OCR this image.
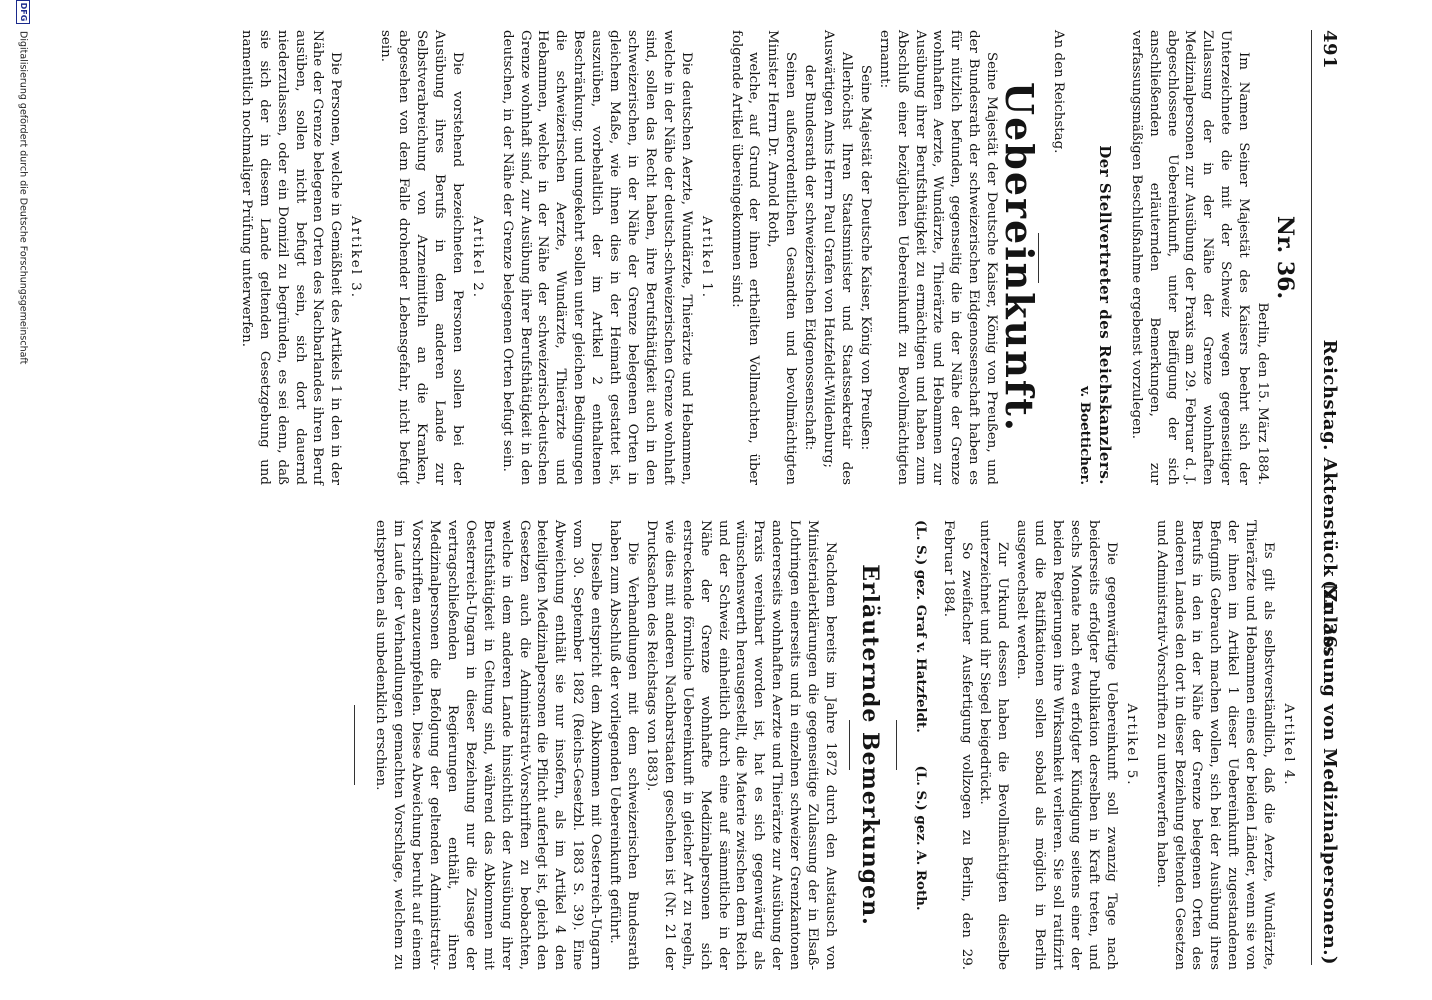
491
Reichstag. Aktenstück Nr. 36.
(Zulassung von Medizinalpersonen.)
Nr. 36.

Berlin, den 15. März 1884.

Im Namen Seiner Majestät des Kaisers beehrt sich der Unterzeichnete die mit der Schweiz wegen gegenseitiger Zulassung der in der Nähe der Grenze wohnhaften Medizinalpersonen zur Ausübung der Praxis am 29. Februar d. J. abgeschlossene Uebereinkunft, unter Beifügung der sich anschließenden erläuternden Bemerkungen, zur verfassungsmäßigen Beschlußnahme ergebenst vorzulegen.

Der Stellvertreter des Reichskanzlers.
v. Boetticher.

An den Reichstag.

Uebereinkunft.

Seine Majestät der Deutsche Kaiser, König von Preußen, und der Bundesrath der schweizerischen Eidgenossenschaft haben es für nützlich befunden, gegenseitig die in der Nähe der Grenze wohnhaften Aerzte, Wundärzte, Thierärzte und Hebammen zur Ausübung ihrer Berufsthätigkeit zu ermächtigen und haben zum Abschluß einer bezüglichen Uebereinkunft zu Bevollmächtigten ernannt:

Seine Majestät der Deutsche Kaiser, König von Preußen:

Allerhöchst Ihren Staatsminister und Staatssekretair des Auswärtigen Amts Herrn Paul Grafen von Hatzfeldt-Wildenburg;

der Bundesrath der schweizerischen Eidgenossenschaft:

Seinen außerordentlichen Gesandten und bevollmächtigten Minister Herrn Dr. Arnold Roth,

welche, auf Grund der ihnen ertheilten Vollmachten, über folgende Artikel übereingekommen sind:

Artikel 1.

Die deutschen Aerzte, Wundärzte, Thierärzte und Hebammen, welche in der Nähe der deutsch-schweizerischen Grenze wohnhaft sind, sollen das Recht haben, ihre Berufsthätigkeit auch in den schweizerischen, in der Nähe der Grenze belegenen Orten in gleichem Maße, wie ihnen dies in der Heimath gestattet ist, auszuüben, vorbehaltlich der im Artikel 2 enthaltenen Beschränkung; und umgekehrt sollen unter gleichen Bedingungen die schweizerischen Aerzte, Wundärzte, Thierärzte und Hebammen, welche in der Nähe der schweizerisch-deutschen Grenze wohnhaft sind, zur Ausübung ihrer Berufsthätigkeit in den deutschen, in der Nähe der Grenze belegenen Orten befugt sein.

Artikel 2.

Die vorstehend bezeichneten Personen sollen bei der Ausübung ihres Berufs in dem anderen Lande zur Selbstverabreichung von Arzneimitteln an die Kranken, abgesehen von dem Falle drohender Lebensgefahr, nicht befugt sein.

Artikel 3.

Die Personen, welche in Gemäßheit des Artikels 1 in den in der Nähe der Grenze belegenen Orten des Nachbarlandes ihren Beruf ausüben, sollen nicht befugt sein, sich dort dauernd niederzulassen, oder ein Domizil zu begründen, es sei denn, daß sie sich der in diesem Lande geltenden Gesetzgebung und namentlich nochmaliger Prüfung unterwerfen.

Artikel 4.

Es gilt als selbstverständlich, daß die Aerzte, Wundärzte, Thierärzte und Hebammen eines der beiden Länder, wenn sie von der ihnen im Artikel 1 dieser Uebereinkunft zugestandenen Befugniß Gebrauch machen wollen, sich bei der Ausübung ihres Berufs in den in der Nähe der Grenze belegenen Orten des anderen Landes den dort in dieser Beziehung geltenden Gesetzen und Administrativ-Vorschriften zu unterwerfen haben.

Artikel 5.

Die gegenwärtige Uebereinkunft soll zwanzig Tage nach beiderseits erfolgter Publikation derselben in Kraft treten, und sechs Monate nach etwa erfolgter Kündigung seitens einer der beiden Regierungen ihre Wirksamkeit verlieren. Sie soll ratifizirt und die Ratifikationen sollen sobald als möglich in Berlin ausgewechselt werden.

Zur Urkund dessen haben die Bevollmächtigten dieselbe unterzeichnet und ihr Siegel beigedrückt.

So zweifacher Ausfertigung vollzogen zu Berlin, den 29. Februar 1884.

(L. S.) gez. Graf v. Hatzfeldt. (L. S.) gez. A. Roth.

Erläuternde Bemerkungen.

Nachdem bereits im Jahre 1872 durch den Austausch von Ministerialerklärungen die gegenseitige Zulassung der in Elsaß-Lothringen einerseits und in einzelnen schweizer Grenzkantonen andererseits wohnhaften Aerzte und Thierärzte zur Ausübung der Praxis vereinbart worden ist, hat es sich gegenwärtig als wünschenswerth herausgestellt, die Materie zwischen dem Reich und der Schweiz einheitlich durch eine auf sämmtliche in der Nähe der Grenze wohnhafte Medizinalpersonen sich erstreckende förmliche Uebereinkunft in gleicher Art zu regeln, wie dies mit anderen Nachbarstaaten geschehen ist (Nr. 21 der Drucksachen des Reichstags von 1883).

Die Verhandlungen mit dem schweizerischen Bundesrath haben zum Abschluß der vorliegenden Uebereinkunft geführt.

Dieselbe entspricht dem Abkommen mit Oesterreich-Ungarn vom 30. September 1882 (Reichs-Gesetzbl. 1883 S. 39). Eine Abweichung enthält sie nur insofern, als im Artikel 4 den beteiligten Medizinalpersonen die Pflicht auferlegt ist, gleich den Gesetzen auch die Administrativ-Vorschriften zu beobachten, welche in dem anderen Lande hinsichtlich der Ausübung ihrer Berufsthätigkeit in Geltung sind, während das Abkommen mit Oesterreich-Ungarn in dieser Beziehung nur die Zusage der vertragschließenden Regierungen enthält, ihren Medizinalpersonen die Befolgung der geltenden Administrativ-Vorschriften anzuempfehlen. Diese Abweichung beruht auf einem im Laufe der Verhandlungen gemachten Vorschlage, welchem zu entsprechen als unbedenklich erschien.

DFG Digitalisierung gefördert durch die Deutsche Forschungsgemeinschaft
